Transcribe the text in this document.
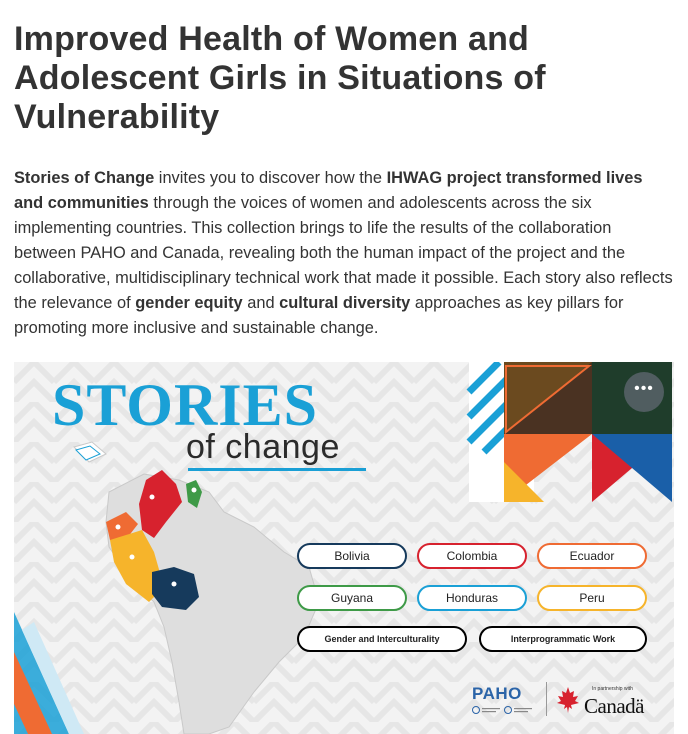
Improved Health of Women and
Adolescent Girls in Situations of
Vulnerability

Stories of Change invites you to discover how the IHWAG project transformed lives and communities through the voices of women and adolescents across the six implementing countries. This collection brings to life the results of the collaboration between PAHO and Canada, revealing both the human impact of the project and the collaborative, multidisciplinary technical work that made it possible. Each story also reflects the relevance of gender equity and cultural diversity approaches as key pillars for promoting more inclusive and sustainable change.

STORIES
of change
•••
Bolivia	Colombia	Ecuador
Guyana	Honduras	Peru
Gender and Interculturality	Interprogrammatic Work
PAHO	In partnership with
Canadä
